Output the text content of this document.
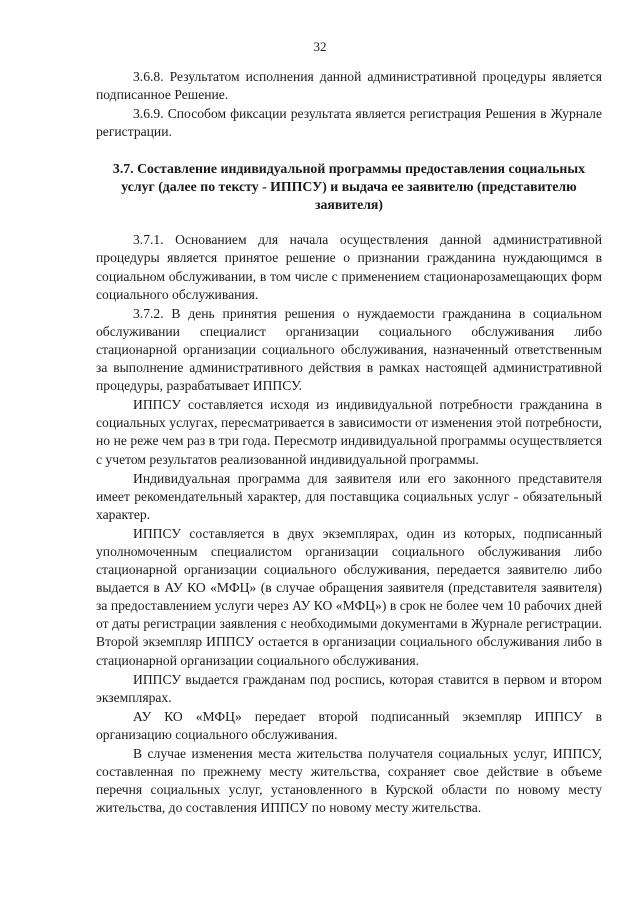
32

3.6.8. Результатом исполнения данной административной процедуры является подписанное Решение.

3.6.9. Способом фиксации результата является регистрация Решения в Журнале регистрации.

3.7. Составление индивидуальной программы предоставления социальных услуг (далее по тексту - ИППСУ) и выдача ее заявителю (представителю заявителя)

3.7.1. Основанием для начала осуществления данной административной процедуры является принятое решение о признании гражданина нуждающимся в социальном обслуживании, в том числе с применением стационарозамещающих форм социального обслуживания.

3.7.2. В день принятия решения о нуждаемости гражданина в социальном обслуживании специалист организации социального обслуживания либо стационарной организации социального обслуживания, назначенный ответственным за выполнение административного действия в рамках настоящей административной процедуры, разрабатывает ИППСУ.

ИППСУ составляется исходя из индивидуальной потребности гражданина в социальных услугах, пересматривается в зависимости от изменения этой потребности, но не реже чем раз в три года. Пересмотр индивидуальной программы осуществляется с учетом результатов реализованной индивидуальной программы.

Индивидуальная программа для заявителя или его законного представителя имеет рекомендательный характер, для поставщика социальных услуг - обязательный характер.

ИППСУ составляется в двух экземплярах, один из которых, подписанный уполномоченным специалистом организации социального обслуживания либо стационарной организации социального обслуживания, передается заявителю либо выдается в АУ КО «МФЦ» (в случае обращения заявителя (представителя заявителя) за предоставлением услуги через АУ КО «МФЦ») в срок не более чем 10 рабочих дней от даты регистрации заявления с необходимыми документами в Журнале регистрации. Второй экземпляр ИППСУ остается в организации социального обслуживания либо в стационарной организации социального обслуживания.

ИППСУ выдается гражданам под роспись, которая ставится в первом и втором экземплярах.

АУ КО «МФЦ» передает второй подписанный экземпляр ИППСУ в организацию социального обслуживания.

В случае изменения места жительства получателя социальных услуг, ИППСУ, составленная по прежнему месту жительства, сохраняет свое действие в объеме перечня социальных услуг, установленного в Курской области по новому месту жительства, до составления ИППСУ по новому месту жительства.
